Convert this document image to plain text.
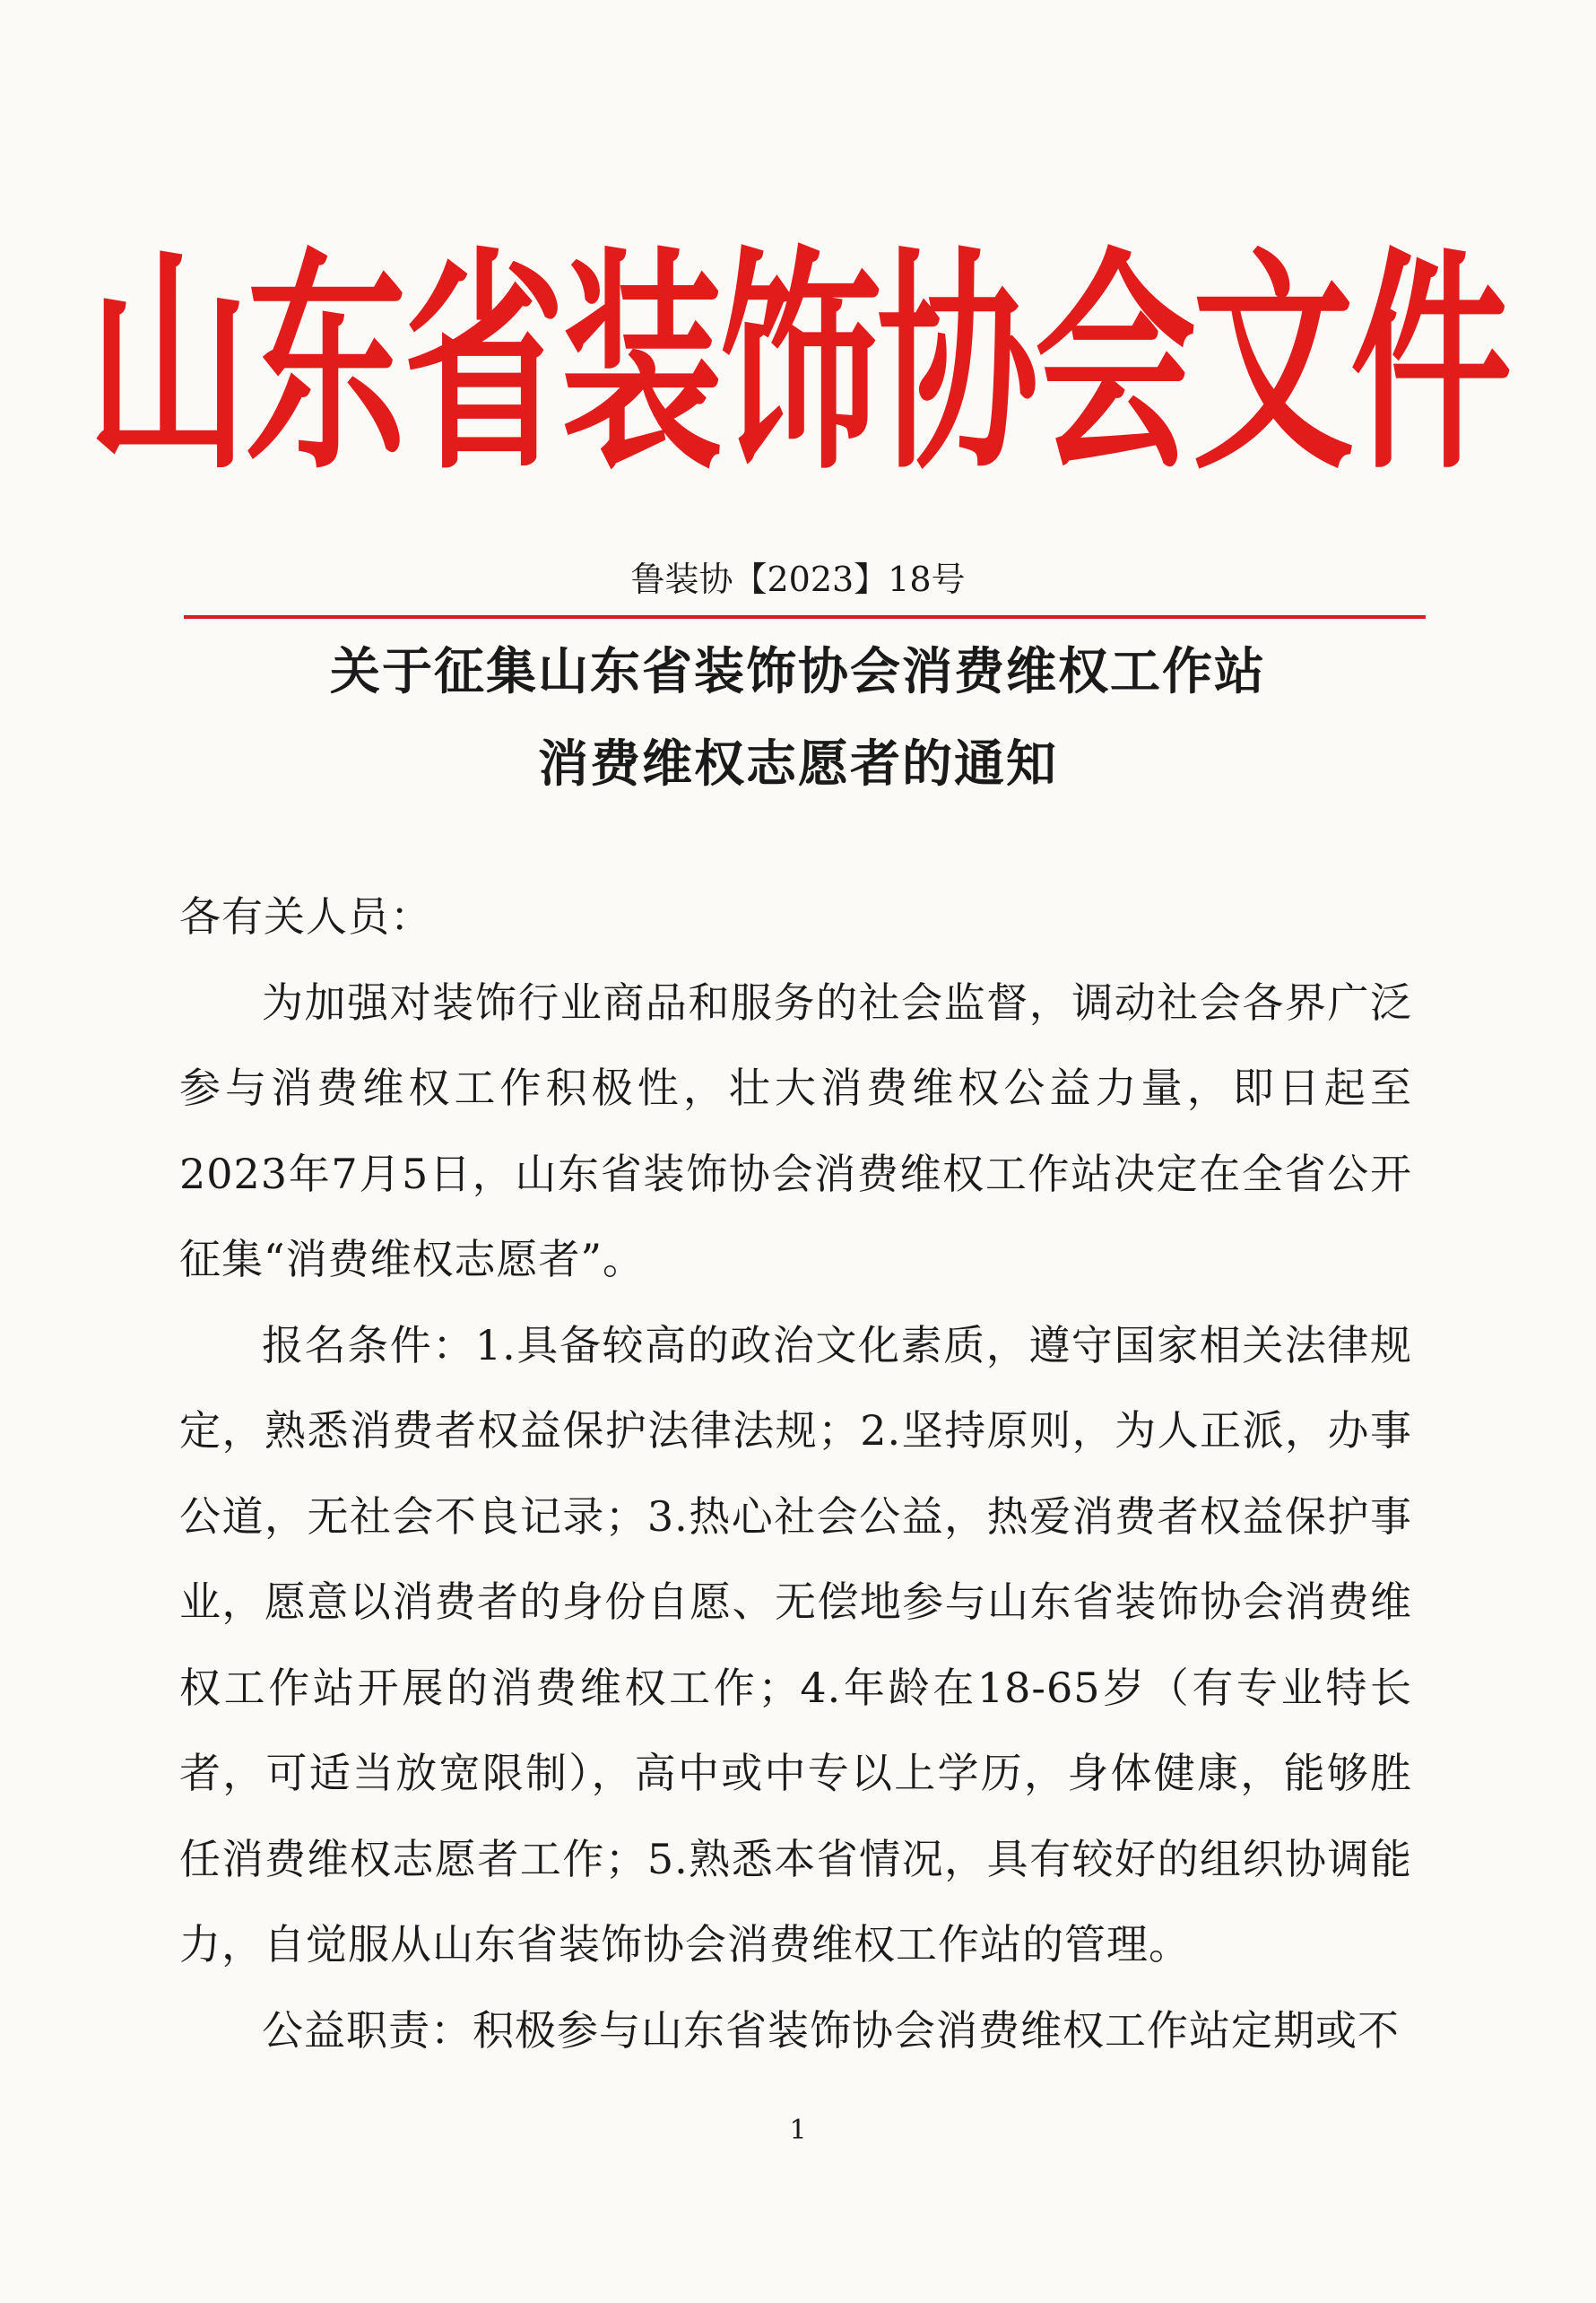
山东省装饰协会文件
鲁装协【2023】18号
关于征集山东省装饰协会消费维权工作站
消费维权志愿者的通知

各有关人员：

为加强对装饰行业商品和服务的社会监督，调动社会各界广泛参与消费维权工作积极性，壮大消费维权公益力量，即日起至2023年7月5日，山东省装饰协会消费维权工作站决定在全省公开征集“消费维权志愿者”。

报名条件：1.具备较高的政治文化素质，遵守国家相关法律规定，熟悉消费者权益保护法律法规；2.坚持原则，为人正派，办事公道，无社会不良记录；3.热心社会公益，热爱消费者权益保护事业，愿意以消费者的身份自愿、无偿地参与山东省装饰协会消费维权工作站开展的消费维权工作；4.年龄在18-65岁（有专业特长者，可适当放宽限制），高中或中专以上学历，身体健康，能够胜任消费维权志愿者工作；5.熟悉本省情况，具有较好的组织协调能力，自觉服从山东省装饰协会消费维权工作站的管理。

公益职责：积极参与山东省装饰协会消费维权工作站定期或不

1
